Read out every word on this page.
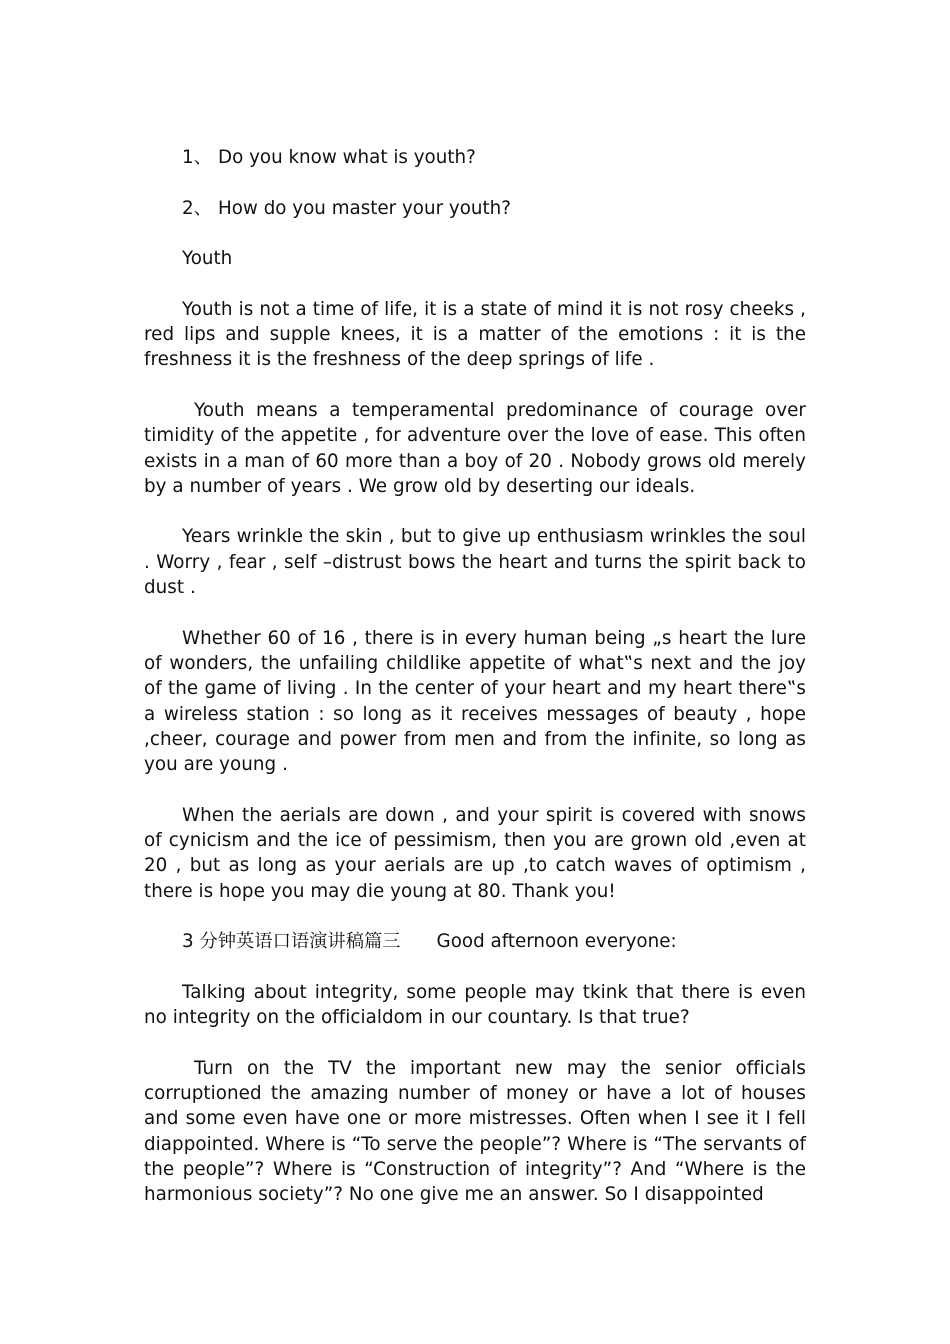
1、 Do you know what is youth?

2、 How do you master your youth?

Youth

Youth is not a time of life, it is a state of mind it is not rosy cheeks , red lips and supple knees, it is a matter of the emotions : it is the freshness it is the freshness of the deep springs of life .

Youth means a temperamental predominance of courage over timidity of the appetite , for adventure over the love of ease. This often exists in a man of 60 more than a boy of 20 . Nobody grows old merely by a number of years . We grow old by deserting our ideals.

Years wrinkle the skin , but to give up enthusiasm wrinkles the soul . Worry , fear , self –distrust bows the heart and turns the spirit back to dust .

Whether 60 of 16 , there is in every human being „s heart the lure of wonders, the unfailing childlike appetite of what‟s next and the joy of the game of living . In the center of your heart and my heart there‟s a wireless station : so long as it receives messages of beauty , hope ,cheer, courage and power from men and from the infinite, so long as you are young .

When the aerials are down , and your spirit is covered with snows of cynicism and the ice of pessimism, then you are grown old ,even at 20 , but as long as your aerials are up ,to catch waves of optimism , there is hope you may die young at 80. Thank you!

3 分钟英语口语演讲稿篇三 Good afternoon everyone:

Talking about integrity, some people may tkink that there is even no integrity on the officialdom in our countary. Is that true?

Turn on the TV the important new may the senior officials corruptioned the amazing number of money or have a lot of houses and some even have one or more mistresses. Often when I see it I fell diappointed. Where is “To serve the people”? Where is “The servants of the people”? Where is “Construction of integrity”? And “Where is the harmonious society”? No one give me an answer. So I disappointed
